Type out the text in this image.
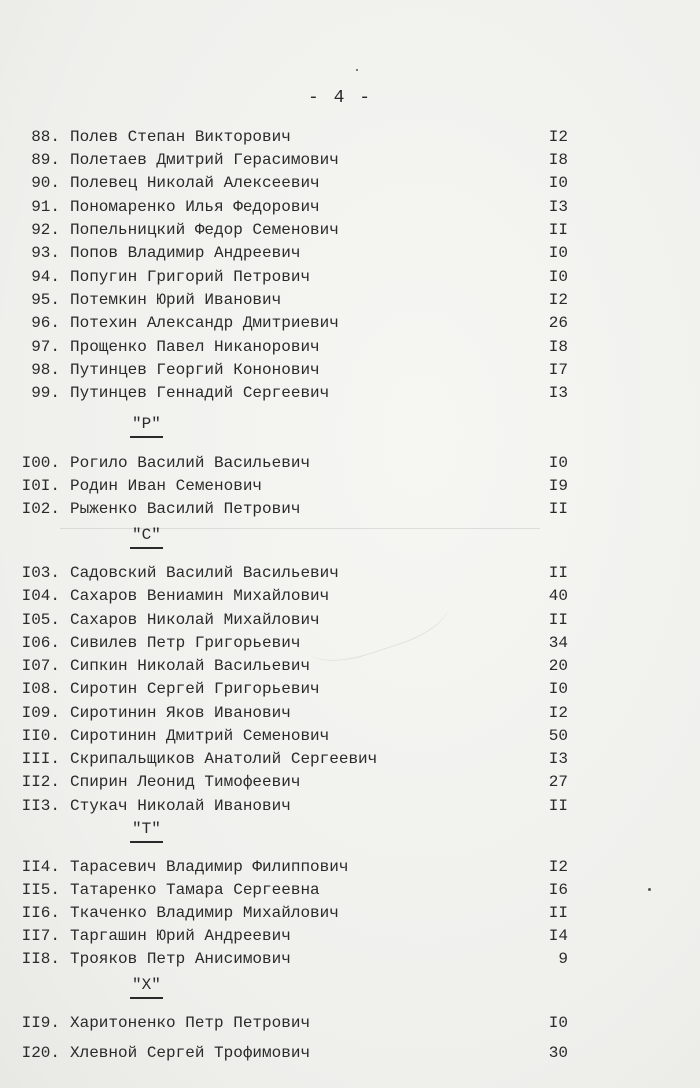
- 4 -
88. Полев Степан Викторович	I2
89. Полетаев Дмитрий Герасимович	I8
90. Полевец Николай Алексеевич	I0
91. Пономаренко Илья Федорович	I3
92. Попельницкий Федор Семенович	II
93. Попов Владимир Андреевич	I0
94. Попугин Григорий Петрович	I0
95. Потемкин Юрий Иванович	I2
96. Потехин Александр Дмитриевич	26
97. Прощенко Павел Никанорович	I8
98. Путинцев Георгий Кононович	I7
99. Путинцев Геннадий Сергеевич	I3
"Р"
I00. Рогило Василий Васильевич	I0
I0I. Родин Иван Семенович	I9
I02. Рыженко Василий Петрович	II
"С"
I03. Садовский Василий Васильевич	II
I04. Сахаров Вениамин Михайлович	40
I05. Сахаров Николай Михайлович	II
I06. Сивилев Петр Григорьевич	34
I07. Сипкин Николай Васильевич	20
I08. Сиротин Сергей Григорьевич	I0
I09. Сиротинин Яков Иванович	I2
II0. Сиротинин Дмитрий Семенович	50
III. Скрипальщиков Анатолий Сергеевич	I3
II2. Спирин Леонид Тимофеевич	27
II3. Стукач Николай Иванович	II
"Т"
II4. Тарасевич Владимир Филиппович	I2
II5. Татаренко Тамара Сергеевна	I6
II6. Ткаченко Владимир Михайлович	II
II7. Таргашин Юрий Андреевич	I4
II8. Трояков Петр Анисимович	9
"Х"
II9. Харитоненко Петр Петрович	I0
I20. Хлевной Сергей Трофимович	30
